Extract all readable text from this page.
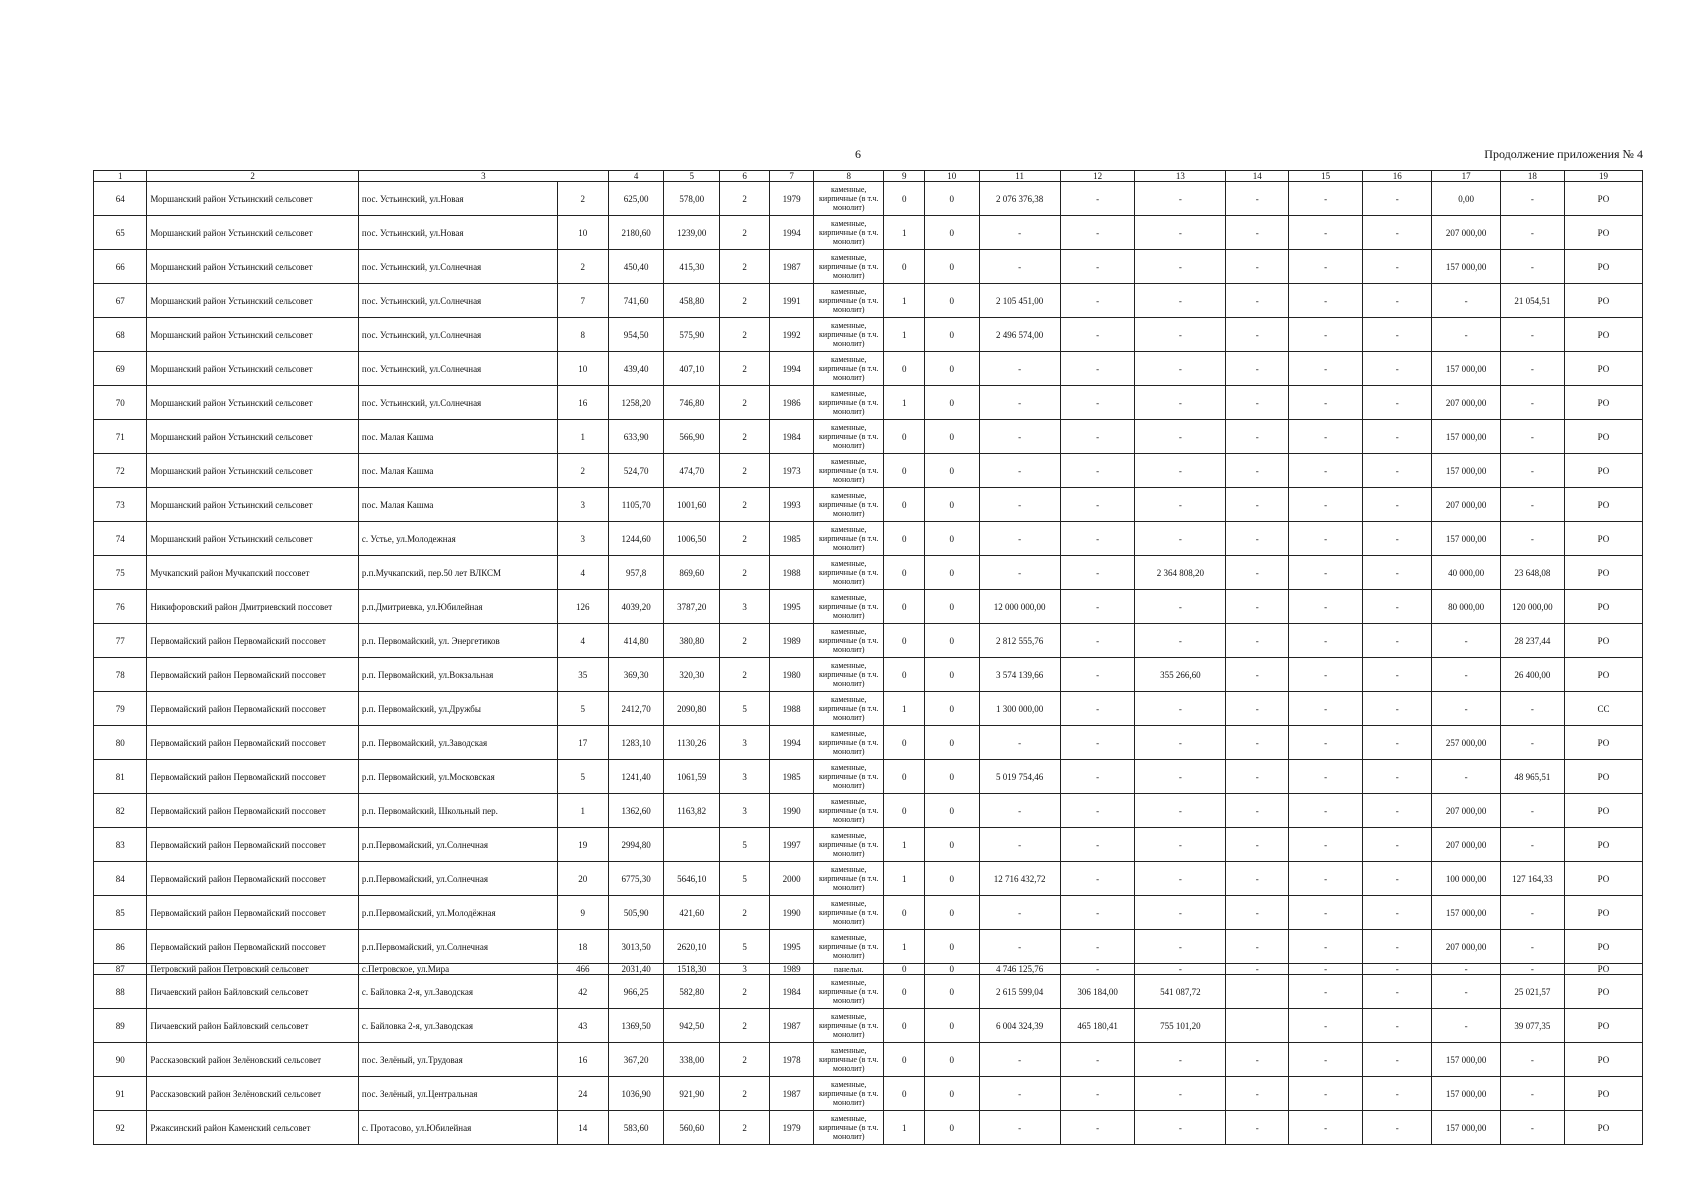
6	Продолжение приложения № 4
1	2	3		4	5	6	7	8	9	10	11	12	13	14	15	16	17	18	19
64	Моршанский район Устьинский сельсовет	пос. Устьинский, ул.Новая	2	625,00	578,00	2	1979	каменные, кирпичные (в т.ч. монолит)	0	0	2 076 376,38	-	-	-	-	-	0,00	-	РО
65	Моршанский район Устьинский сельсовет	пос. Устьинский, ул.Новая	10	2180,60	1239,00	2	1994	каменные, кирпичные (в т.ч. монолит)	1	0	-	-	-	-	-	-	207 000,00	-	РО
66	Моршанский район Устьинский сельсовет	пос. Устьинский, ул.Солнечная	2	450,40	415,30	2	1987	каменные, кирпичные (в т.ч. монолит)	0	0	-	-	-	-	-	-	157 000,00	-	РО
67	Моршанский район Устьинский сельсовет	пос. Устьинский, ул.Солнечная	7	741,60	458,80	2	1991	каменные, кирпичные (в т.ч. монолит)	1	0	2 105 451,00	-	-	-	-	-	-	21 054,51	РО
68	Моршанский район Устьинский сельсовет	пос. Устьинский, ул.Солнечная	8	954,50	575,90	2	1992	каменные, кирпичные (в т.ч. монолит)	1	0	2 496 574,00	-	-	-	-	-	-	-	РО
69	Моршанский район Устьинский сельсовет	пос. Устьинский, ул.Солнечная	10	439,40	407,10	2	1994	каменные, кирпичные (в т.ч. монолит)	0	0	-	-	-	-	-	-	157 000,00	-	РО
70	Моршанский район Устьинский сельсовет	пос. Устьинский, ул.Солнечная	16	1258,20	746,80	2	1986	каменные, кирпичные (в т.ч. монолит)	1	0	-	-	-	-	-	-	207 000,00	-	РО
71	Моршанский район Устьинский сельсовет	пос. Малая Кашма	1	633,90	566,90	2	1984	каменные, кирпичные (в т.ч. монолит)	0	0	-	-	-	-	-	-	157 000,00	-	РО
72	Моршанский район Устьинский сельсовет	пос. Малая Кашма	2	524,70	474,70	2	1973	каменные, кирпичные (в т.ч. монолит)	0	0	-	-	-	-	-	-	157 000,00	-	РО
73	Моршанский район Устьинский сельсовет	пос. Малая Кашма	3	1105,70	1001,60	2	1993	каменные, кирпичные (в т.ч. монолит)	0	0	-	-	-	-	-	-	207 000,00	-	РО
74	Моршанский район Устьинский сельсовет	с. Устье, ул.Молодежная	3	1244,60	1006,50	2	1985	каменные, кирпичные (в т.ч. монолит)	0	0	-	-	-	-	-	-	157 000,00	-	РО
75	Мучкапский район Мучкапский поссовет	р.п.Мучкапский, пер.50 лет ВЛКСМ	4	957,8	869,60	2	1988	каменные, кирпичные (в т.ч. монолит)	0	0	-	-	2 364 808,20	-	-	-	40 000,00	23 648,08	РО
76	Никифоровский район Дмитриевский поссовет	р.п.Дмитриевка, ул.Юбилейная	126	4039,20	3787,20	3	1995	каменные, кирпичные (в т.ч. монолит)	0	0	12 000 000,00	-	-	-	-	-	80 000,00	120 000,00	РО
77	Первомайский район Первомайский поссовет	р.п. Первомайский, ул. Энергетиков	4	414,80	380,80	2	1989	каменные, кирпичные (в т.ч. монолит)	0	0	2 812 555,76	-	-	-	-	-	-	28 237,44	РО
78	Первомайский район Первомайский поссовет	р.п. Первомайский, ул.Вокзальная	35	369,30	320,30	2	1980	каменные, кирпичные (в т.ч. монолит)	0	0	3 574 139,66	-	355 266,60	-	-	-	-	26 400,00	РО
79	Первомайский район Первомайский поссовет	р.п. Первомайский, ул.Дружбы	5	2412,70	2090,80	5	1988	каменные, кирпичные (в т.ч. монолит)	1	0	1 300 000,00	-	-	-	-	-	-	-	СС
80	Первомайский район Первомайский поссовет	р.п. Первомайский, ул.Заводская	17	1283,10	1130,26	3	1994	каменные, кирпичные (в т.ч. монолит)	0	0	-	-	-	-	-	-	257 000,00	-	РО
81	Первомайский район Первомайский поссовет	р.п. Первомайский, ул.Московская	5	1241,40	1061,59	3	1985	каменные, кирпичные (в т.ч. монолит)	0	0	5 019 754,46	-	-	-	-	-	-	48 965,51	РО
82	Первомайский район Первомайский поссовет	р.п. Первомайский, Школьный пер.	1	1362,60	1163,82	3	1990	каменные, кирпичные (в т.ч. монолит)	0	0	-	-	-	-	-	-	207 000,00	-	РО
83	Первомайский район Первомайский поссовет	р.п.Первомайский, ул.Солнечная	19	2994,80		5	1997	каменные, кирпичные (в т.ч. монолит)	1	0	-	-	-	-	-	-	207 000,00	-	РО
84	Первомайский район Первомайский поссовет	р.п.Первомайский, ул.Солнечная	20	6775,30	5646,10	5	2000	каменные, кирпичные (в т.ч. монолит)	1	0	12 716 432,72	-	-	-	-	-	100 000,00	127 164,33	РО
85	Первомайский район Первомайский поссовет	р.п.Первомайский, ул.Молодёжная	9	505,90	421,60	2	1990	каменные, кирпичные (в т.ч. монолит)	0	0	-	-	-	-	-	-	157 000,00	-	РО
86	Первомайский район Первомайский поссовет	р.п.Первомайский, ул.Солнечная	18	3013,50	2620,10	5	1995	каменные, кирпичные (в т.ч. монолит)	1	0	-	-	-	-	-	-	207 000,00	-	РО
87	Петровский район Петровский сельсовет	с.Петровское, ул.Мира	466	2031,40	1518,30	3	1989	панельн.	0	0	4 746 125,76	-	-	-	-	-	-	-	РО
88	Пичаевский район Байловский сельсовет	с. Байловка 2-я, ул.Заводская	42	966,25	582,80	2	1984	каменные, кирпичные (в т.ч. монолит)	0	0	2 615 599,04	306 184,00	541 087,72		-	-	-	25 021,57	РО
89	Пичаевский район Байловский сельсовет	с. Байловка 2-я, ул.Заводская	43	1369,50	942,50	2	1987	каменные, кирпичные (в т.ч. монолит)	0	0	6 004 324,39	465 180,41	755 101,20		-	-	-	39 077,35	РО
90	Рассказовский район Зелёновский сельсовет	пос. Зелёный, ул.Трудовая	16	367,20	338,00	2	1978	каменные, кирпичные (в т.ч. монолит)	0	0	-	-	-	-	-	-	157 000,00	-	РО
91	Рассказовский район Зелёновский сельсовет	пос. Зелёный, ул.Центральная	24	1036,90	921,90	2	1987	каменные, кирпичные (в т.ч. монолит)	0	0	-	-	-	-	-	-	157 000,00	-	РО
92	Ржаксинский район Каменский сельсовет	с. Протасово, ул.Юбилейная	14	583,60	560,60	2	1979	каменные, кирпичные (в т.ч. монолит)	1	0	-	-	-	-	-	-	157 000,00	-	РО
